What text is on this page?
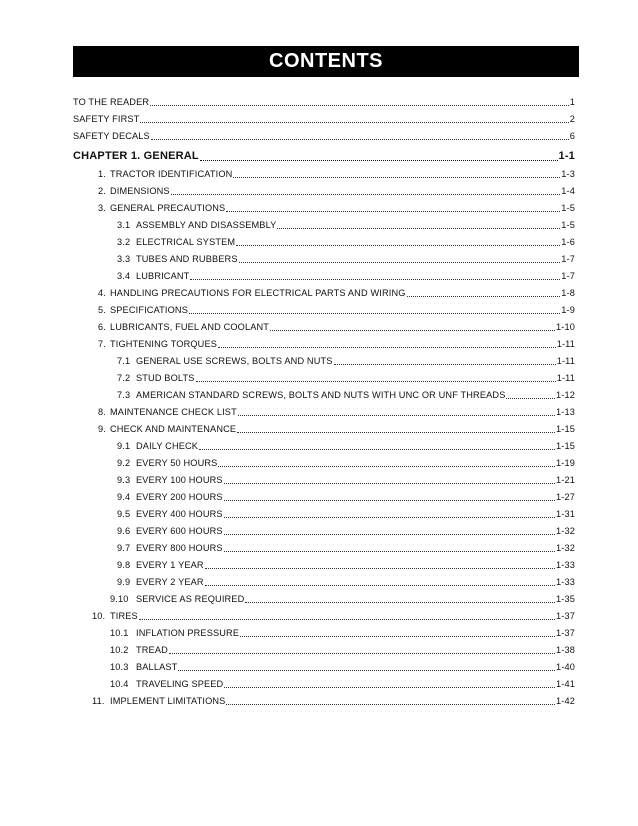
CONTENTS
TO THE READER	1
SAFETY FIRST	2
SAFETY DECALS	6
CHAPTER 1. GENERAL	1-1
1. TRACTOR IDENTIFICATION	1-3
2. DIMENSIONS	1-4
3. GENERAL PRECAUTIONS	1-5
3.1 ASSEMBLY AND DISASSEMBLY	1-5
3.2 ELECTRICAL SYSTEM	1-6
3.3 TUBES AND RUBBERS	1-7
3.4 LUBRICANT	1-7
4. HANDLING PRECAUTIONS FOR ELECTRICAL PARTS AND WIRING	1-8
5. SPECIFICATIONS	1-9
6. LUBRICANTS, FUEL AND COOLANT	1-10
7. TIGHTENING TORQUES	1-11
7.1 GENERAL USE SCREWS, BOLTS AND NUTS	1-11
7.2 STUD BOLTS	1-11
7.3 AMERICAN STANDARD SCREWS, BOLTS AND NUTS WITH UNC OR UNF THREADS	1-12
8. MAINTENANCE CHECK LIST	1-13
9. CHECK AND MAINTENANCE	1-15
9.1 DAILY CHECK	1-15
9.2 EVERY 50 HOURS	1-19
9.3 EVERY 100 HOURS	1-21
9.4 EVERY 200 HOURS	1-27
9.5 EVERY 400 HOURS	1-31
9.6 EVERY 600 HOURS	1-32
9.7 EVERY 800 HOURS	1-32
9.8 EVERY 1 YEAR	1-33
9.9 EVERY 2 YEAR	1-33
9.10 SERVICE AS REQUIRED	1-35
10. TIRES	1-37
10.1 INFLATION PRESSURE	1-37
10.2 TREAD	1-38
10.3 BALLAST	1-40
10.4 TRAVELING SPEED	1-41
11. IMPLEMENT LIMITATIONS	1-42
